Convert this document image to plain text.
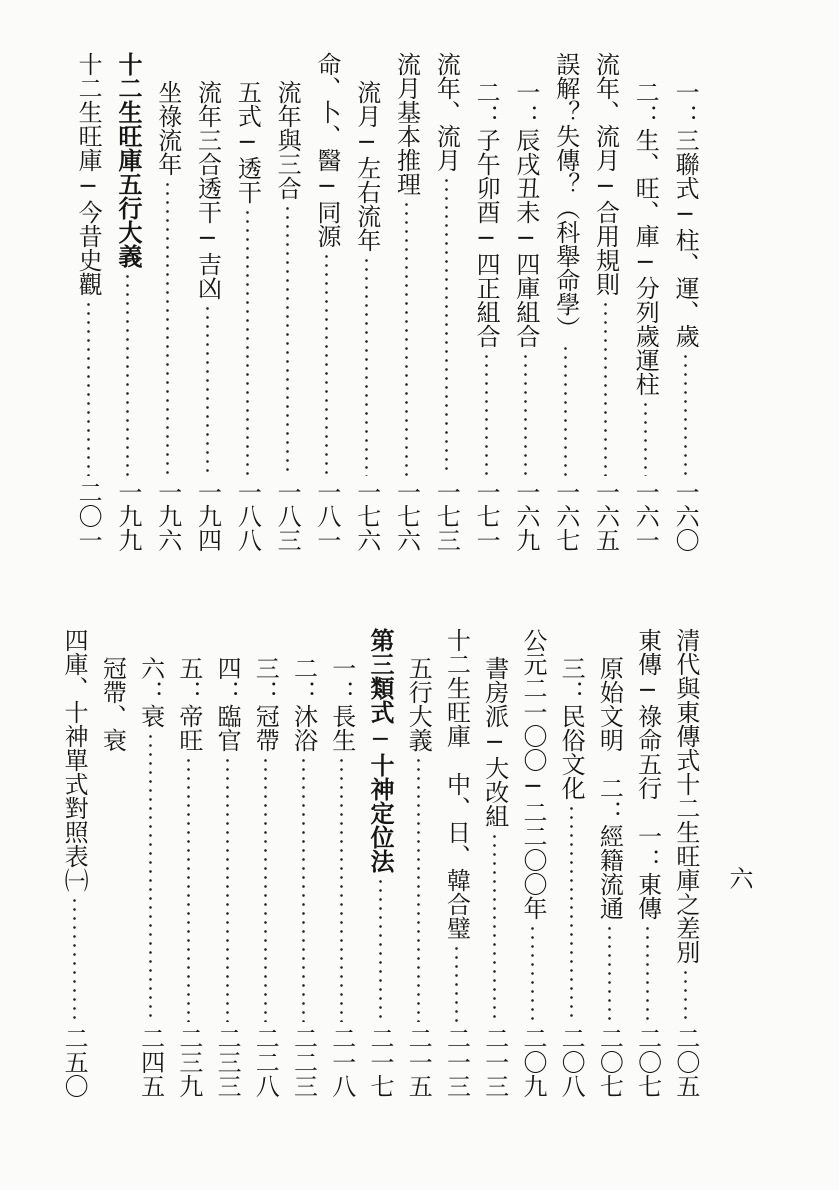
一：三聯式─柱、運、歲
一六〇
二：生、旺、庫─分列歲運柱
一六一
流年、流月─合用規則
一六五
誤解？失傳？（科舉命學）
一六七
一：辰戌丑未─四庫組合
一六九
二：子午卯酉─四正組合
一七一
流年、流月
一七三
流月基本推理
一七六
流月─左右流年
一七六
命、卜、醫─同源
一八一
流年與三合
一八三
五式─透干
一八八
流年三合透干─吉凶
一九四
坐祿流年
一九六
十二生旺庫五行大義
一九九
十二生旺庫─今昔史觀
二〇一
清代與東傳式十二生旺庫之差別
二〇五
東傳─祿命五行　一：東傳
二〇七
原始文明　二：經籍流通
二〇七
三：民俗文化
二〇八
公元二一〇〇─二二〇〇年
二〇九
書房派─大改組
二一三
十二生旺庫　中、日、韓合璧
二一三
五行大義
二一五
第三類式─十神定位法
二一七
一：長生
二一八
二：沐浴
二二三
三：冠帶
二二八
四：臨官
二三三
五：帝旺
二三九
六：衰
二四五
冠帶、衰
四庫、十神單式對照表㈠
二五〇
六
